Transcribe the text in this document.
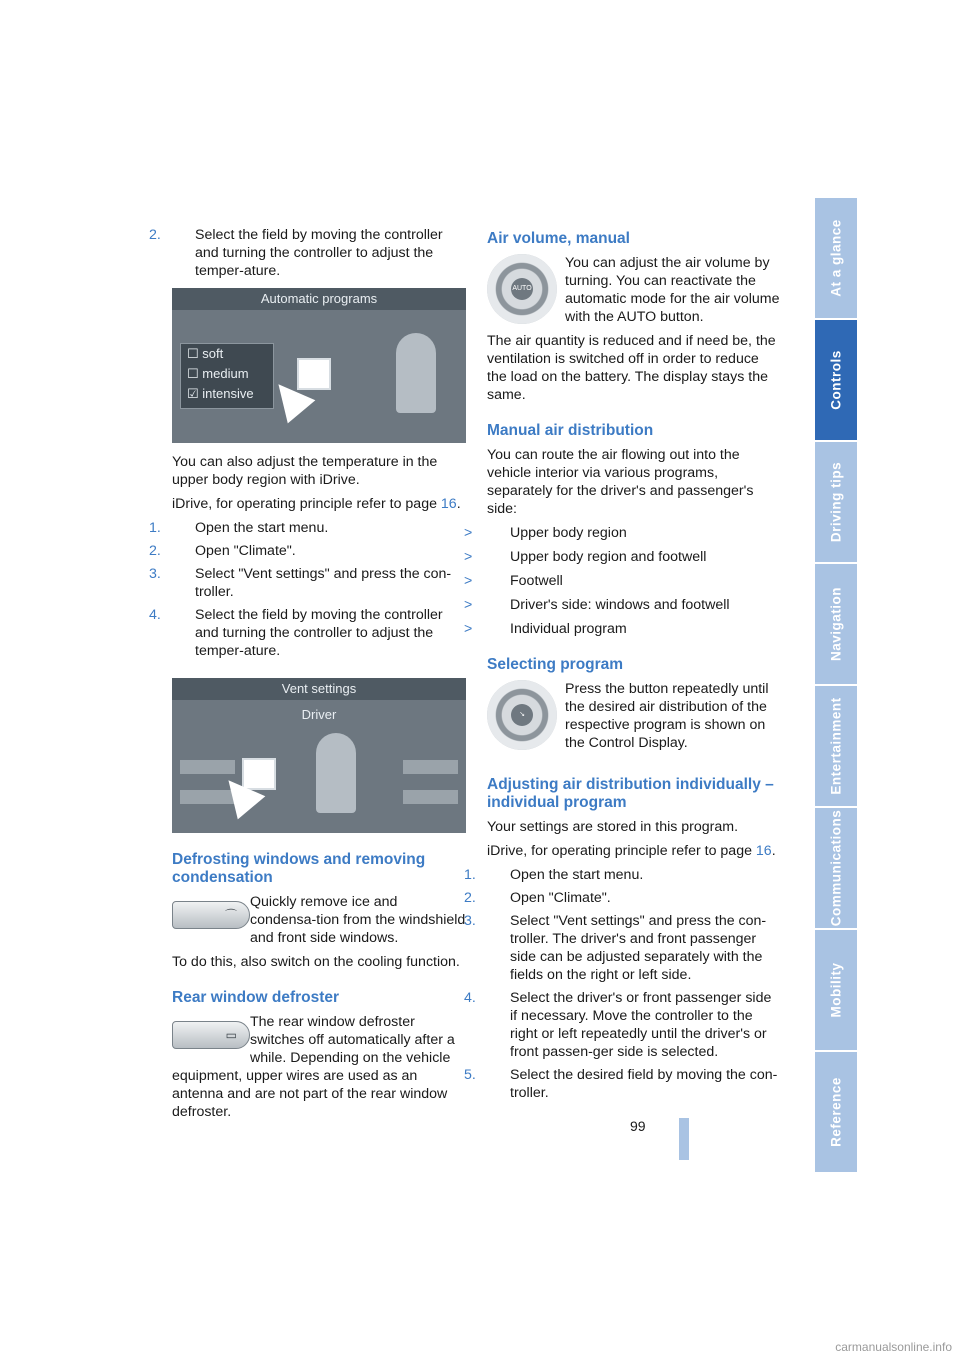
2. Select the field by moving the controller and turning the controller to adjust the temper-ature.
Automatic programs
☐ soft
☐ medium
☑ intensive

You can also adjust the temperature in the upper body region with iDrive.

iDrive, for operating principle refer to page 16.

1. Open the start menu.
2. Open "Climate".
3. Select "Vent settings" and press the con-troller.
4. Select the field by moving the controller and turning the controller to adjust the temper-ature.
Vent settings
Driver
Defrosting windows and removing condensation
⌒

Quickly remove ice and condensa-tion from the windshield and front side windows.

To do this, also switch on the cooling function.

Rear window defroster
▭

The rear window defroster switches off automatically after a while. Depending on the vehicle equipment, upper wires are used as an antenna and are not part of the rear window defroster.

Air volume, manual
AUTO

You can adjust the air volume by turning. You can reactivate the automatic mode for the air volume with the AUTO button.

The air quantity is reduced and if need be, the ventilation is switched off in order to reduce the load on the battery. The display stays the same.

Manual air distribution

You can route the air flowing out into the vehicle interior via various programs, separately for the driver's and passenger's side:

>	Upper body region
>	Upper body region and footwell
>	Footwell
>	Driver's side: windows and footwell
>	Individual program
Selecting program
↘

Press the button repeatedly until the desired air distribution of the respective program is shown on the Control Display.

Adjusting air distribution individually – individual program

Your settings are stored in this program.

iDrive, for operating principle refer to page 16.

1. Open the start menu.
2. Open "Climate".
3. Select "Vent settings" and press the con-troller. The driver's and front passenger side can be adjusted separately with the fields on the right or left side.
4. Select the driver's or front passenger side if necessary. Move the controller to the right or left repeatedly until the driver's or front passen-ger side is selected.
5. Select the desired field by moving the con-troller.
At a glance
Controls
Driving tips
Navigation
Entertainment
Communications
Mobility
Reference
99
carmanualsonline.info
